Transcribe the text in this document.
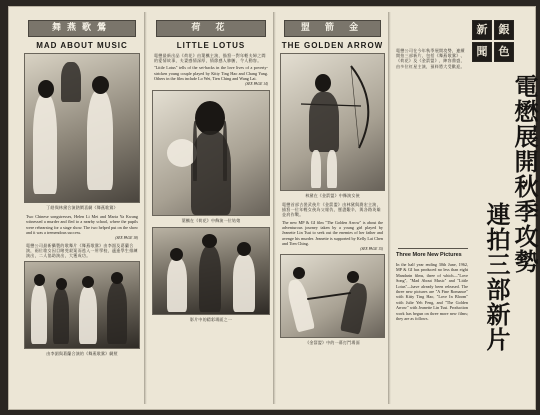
舞燕歌鶯
MAD ABOUT MUSIC
丁皓與林黛合演熱鬧喜劇《舞燕歌鶯》
Two Chinese songstresses, Helen Li Mei and Maria Ya Kwang witnessed a murder and fled to a nearby school, where the pupils were rehearsing for a stage show. The two helped put on the show and it was a tremendous success.
(SEE PAGE 18)
電懋公司最新攝製的歌舞片《舞燕歌鶯》由李湄及葛蘭合演，兩位歌女因目睹兇殺案而逃入一所學校，適逢學生排練演出，二人協助演出，大獲成功。
由李湄與葛蘭合演的《舞燕歌鶯》劇照
荷 花
LITTLE LOTUS
電懋最新出品《荷花》由葉楓主演，描寫一對年輕夫婦之間的愛情故事，夫妻感情深厚，情節感人肺腑，令人動容。
"Little Lotus" tells of the set-backs in the love lives of a poverty-stricken young couple played by Kitty Ting Hao and Chang Yang. Others in the film include Lo Wei, Tien Ching and Wang Lai.
(SEE PAGE 14)
葉楓在《荷花》中飾演一位姑娘
影片中的精彩場面之一
盟 箭 金
THE GOLDEN ARROW
林黛在《金箭盟》中飾演女俠
電懋首部古裝武俠片《金箭盟》由林黛與喬宏主演，描寫一位年輕女俠為父報仇，歷盡艱辛，與各路英雄並肩作戰。
The new MP & GI film "The Golden Arrow" is about the adventurous journey taken by a young girl played by Jeanette Lin Tsui to seek out the enemies of her father and avenge his murder. Jeanette is supported by Kelly Lai Chen and Tien Ching.
(SEE PAGE 15)
《金箭盟》中的一幕打鬥場面
新	銀
聞	色
電懋展開秋季攻勢
連拍三部新片
電懋公司在今年秋季展開攻勢，連續開拍三部新片，包括《舞燕歌鶯》、《荷花》及《金箭盟》，陣容鼎盛，由多位紅星主演，預料將大受歡迎。
Three More New Pictures
In the half year ending 30th June, 1962, MP & GI has produced no less than eight Mandarin films, three of which—"Love Song", "Mad About Music" and "Little Lotus"—have already been released. The three new pictures are "A Fine Romance" with Kitty Ting Hao, "Love In Bloom" with Julie Yeh Feng, and "The Golden Arrow" with Jeanette Lin Tsui. Production work has begun on three more new films; they are as follows.
